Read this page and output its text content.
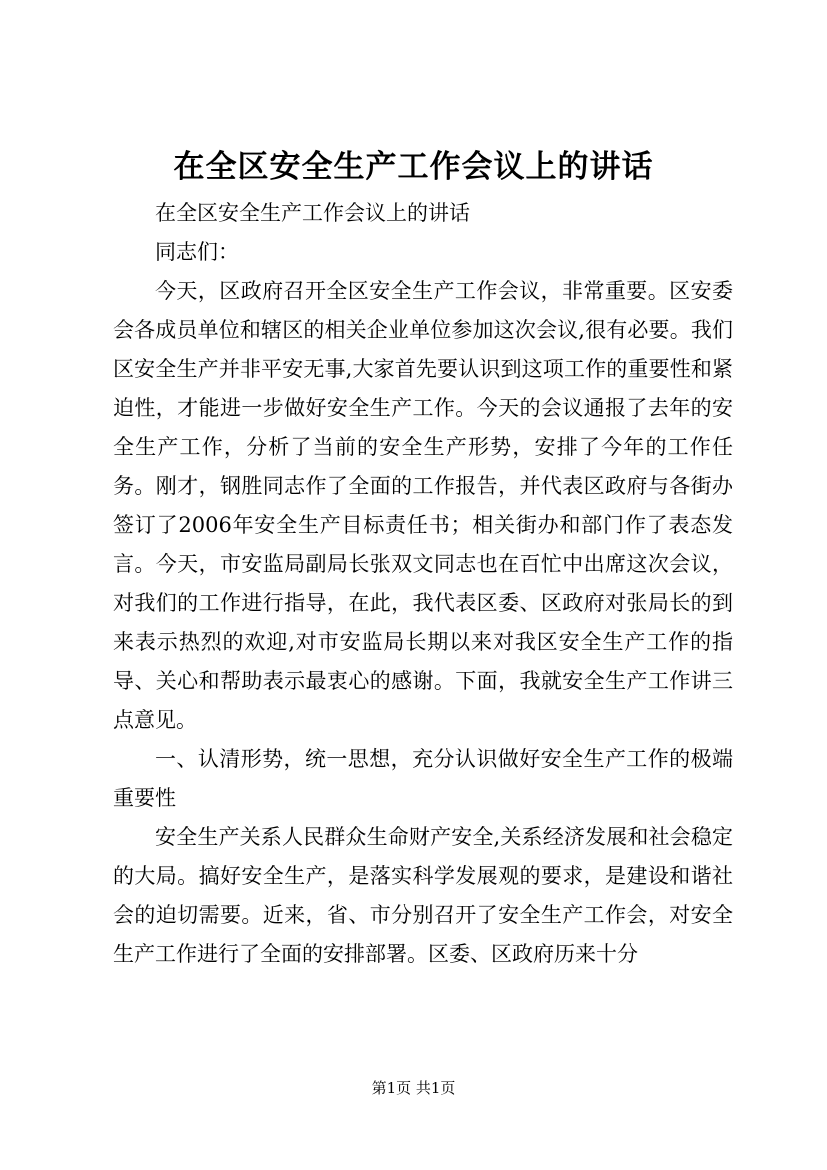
在全区安全生产工作会议上的讲话

在全区安全生产工作会议上的讲话

同志们：

今天，区政府召开全区安全生产工作会议，非常重要。区安委会各成员单位和辖区的相关企业单位参加这次会议,很有必要。我们区安全生产并非平安无事,大家首先要认识到这项工作的重要性和紧迫性，才能进一步做好安全生产工作。今天的会议通报了去年的安全生产工作，分析了当前的安全生产形势，安排了今年的工作任务。刚才，钢胜同志作了全面的工作报告，并代表区政府与各街办签订了2006年安全生产目标责任书；相关街办和部门作了表态发言。今天，市安监局副局长张双文同志也在百忙中出席这次会议，对我们的工作进行指导，在此，我代表区委、区政府对张局长的到来表示热烈的欢迎,对市安监局长期以来对我区安全生产工作的指导、关心和帮助表示最衷心的感谢。下面，我就安全生产工作讲三点意见。

一、认清形势，统一思想，充分认识做好安全生产工作的极端重要性

安全生产关系人民群众生命财产安全,关系经济发展和社会稳定的大局。搞好安全生产，是落实科学发展观的要求，是建设和谐社会的迫切需要。近来，省、市分别召开了安全生产工作会，对安全生产工作进行了全面的安排部署。区委、区政府历来十分

第1页 共1页
